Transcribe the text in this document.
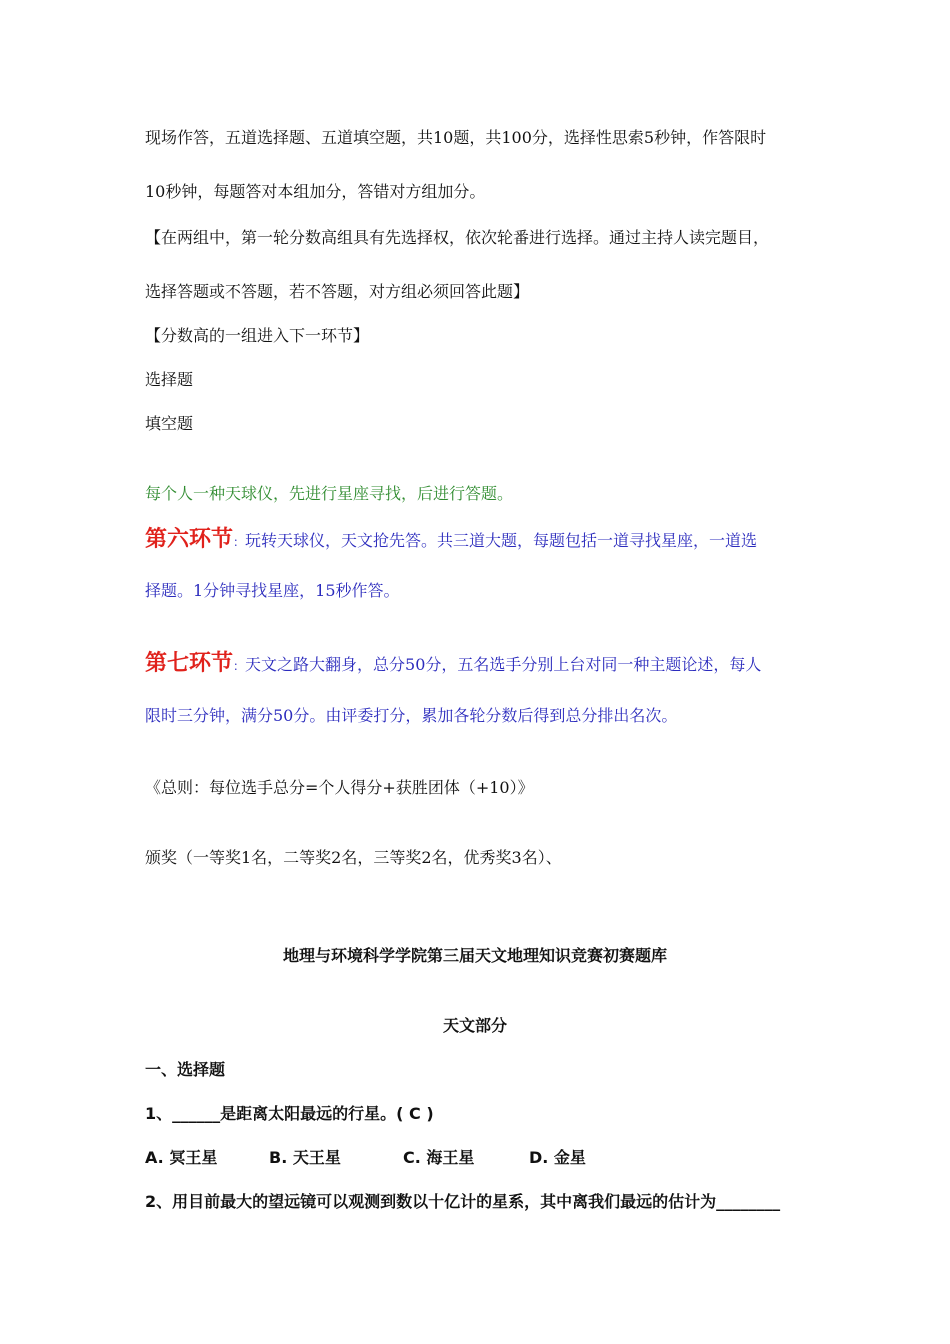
现场作答，五道选择题、五道填空题，共10题，共100分，选择性思索5秒钟，作答限时
10秒钟，每题答对本组加分，答错对方组加分。
【在两组中，第一轮分数高组具有先选择权，依次轮番进行选择。通过主持人读完题目，
选择答题或不答题，若不答题，对方组必须回答此题】
【分数高的一组进入下一环节】
选择题
填空题
每个人一种天球仪，先进行星座寻找，后进行答题。
第六环节：玩转天球仪，天文抢先答。共三道大题，每题包括一道寻找星座，一道选
择题。1分钟寻找星座，15秒作答。
第七环节：天文之路大翻身，总分50分，五名选手分别上台对同一种主题论述，每人
限时三分钟，满分50分。由评委打分，累加各轮分数后得到总分排出名次。
《总则：每位选手总分=个人得分+获胜团体（+10）》
颁奖（一等奖1名，二等奖2名，三等奖2名，优秀奖3名）、
地理与环境科学学院第三届天文地理知识竞赛初赛题库
天文部分
一、选择题
1、______是距离太阳最远的行星。( C )
A. 冥王星	B. 天王星	C. 海王星	D. 金星
2、用目前最大的望远镜可以观测到数以十亿计的星系，其中离我们最远的估计为________
